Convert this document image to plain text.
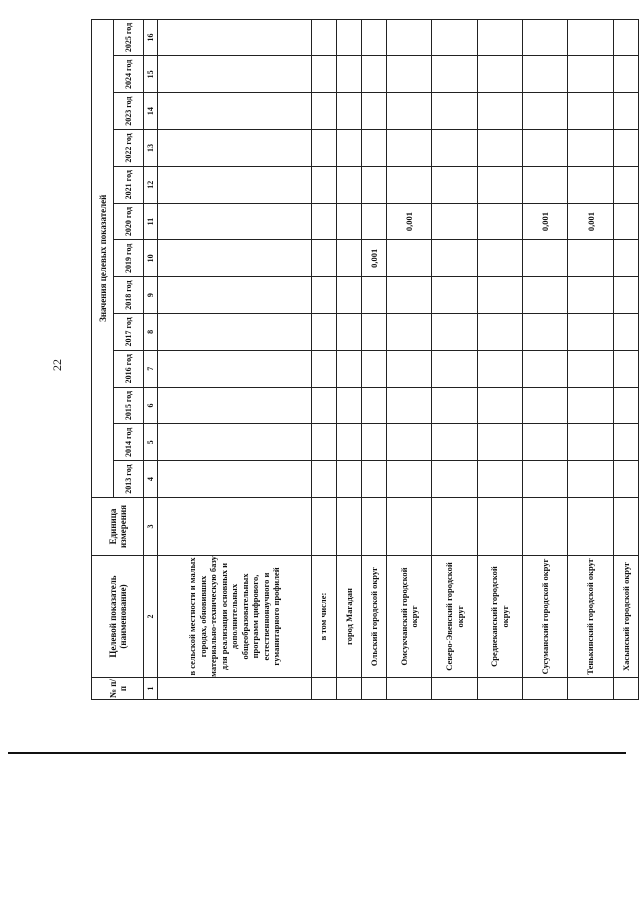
22
№ п/п	Целевой показатель (наименование)	Единица измерения	Значения целевых показателей												
			2013 год	2014 год	2015 год	2016 год	2017 год	2018 год	2019 год	2020 год	2021 год	2022 год	2023 год	2024 год	2025 год
1	2	3	4	5	6	7	8	9	10	11	12	13	14	15	16
	в сельской местности и малых городах, обновивших материально-техническую базу для реализации основных и дополнительных общеобразовательных программ цифрового, естественнонаучного и гуманитарного профилей														
	в том числе:														
	город Магадан														
	Ольский городской округ								0,001						
	Омсукчанский городской округ									0,001					
	Северо-Эвенский городской округ														
	Среднеканский городской округ														
	Сусуманский городской округ									0,001					
	Тенькинский городской округ									0,001					
	Хасынский городской округ														
